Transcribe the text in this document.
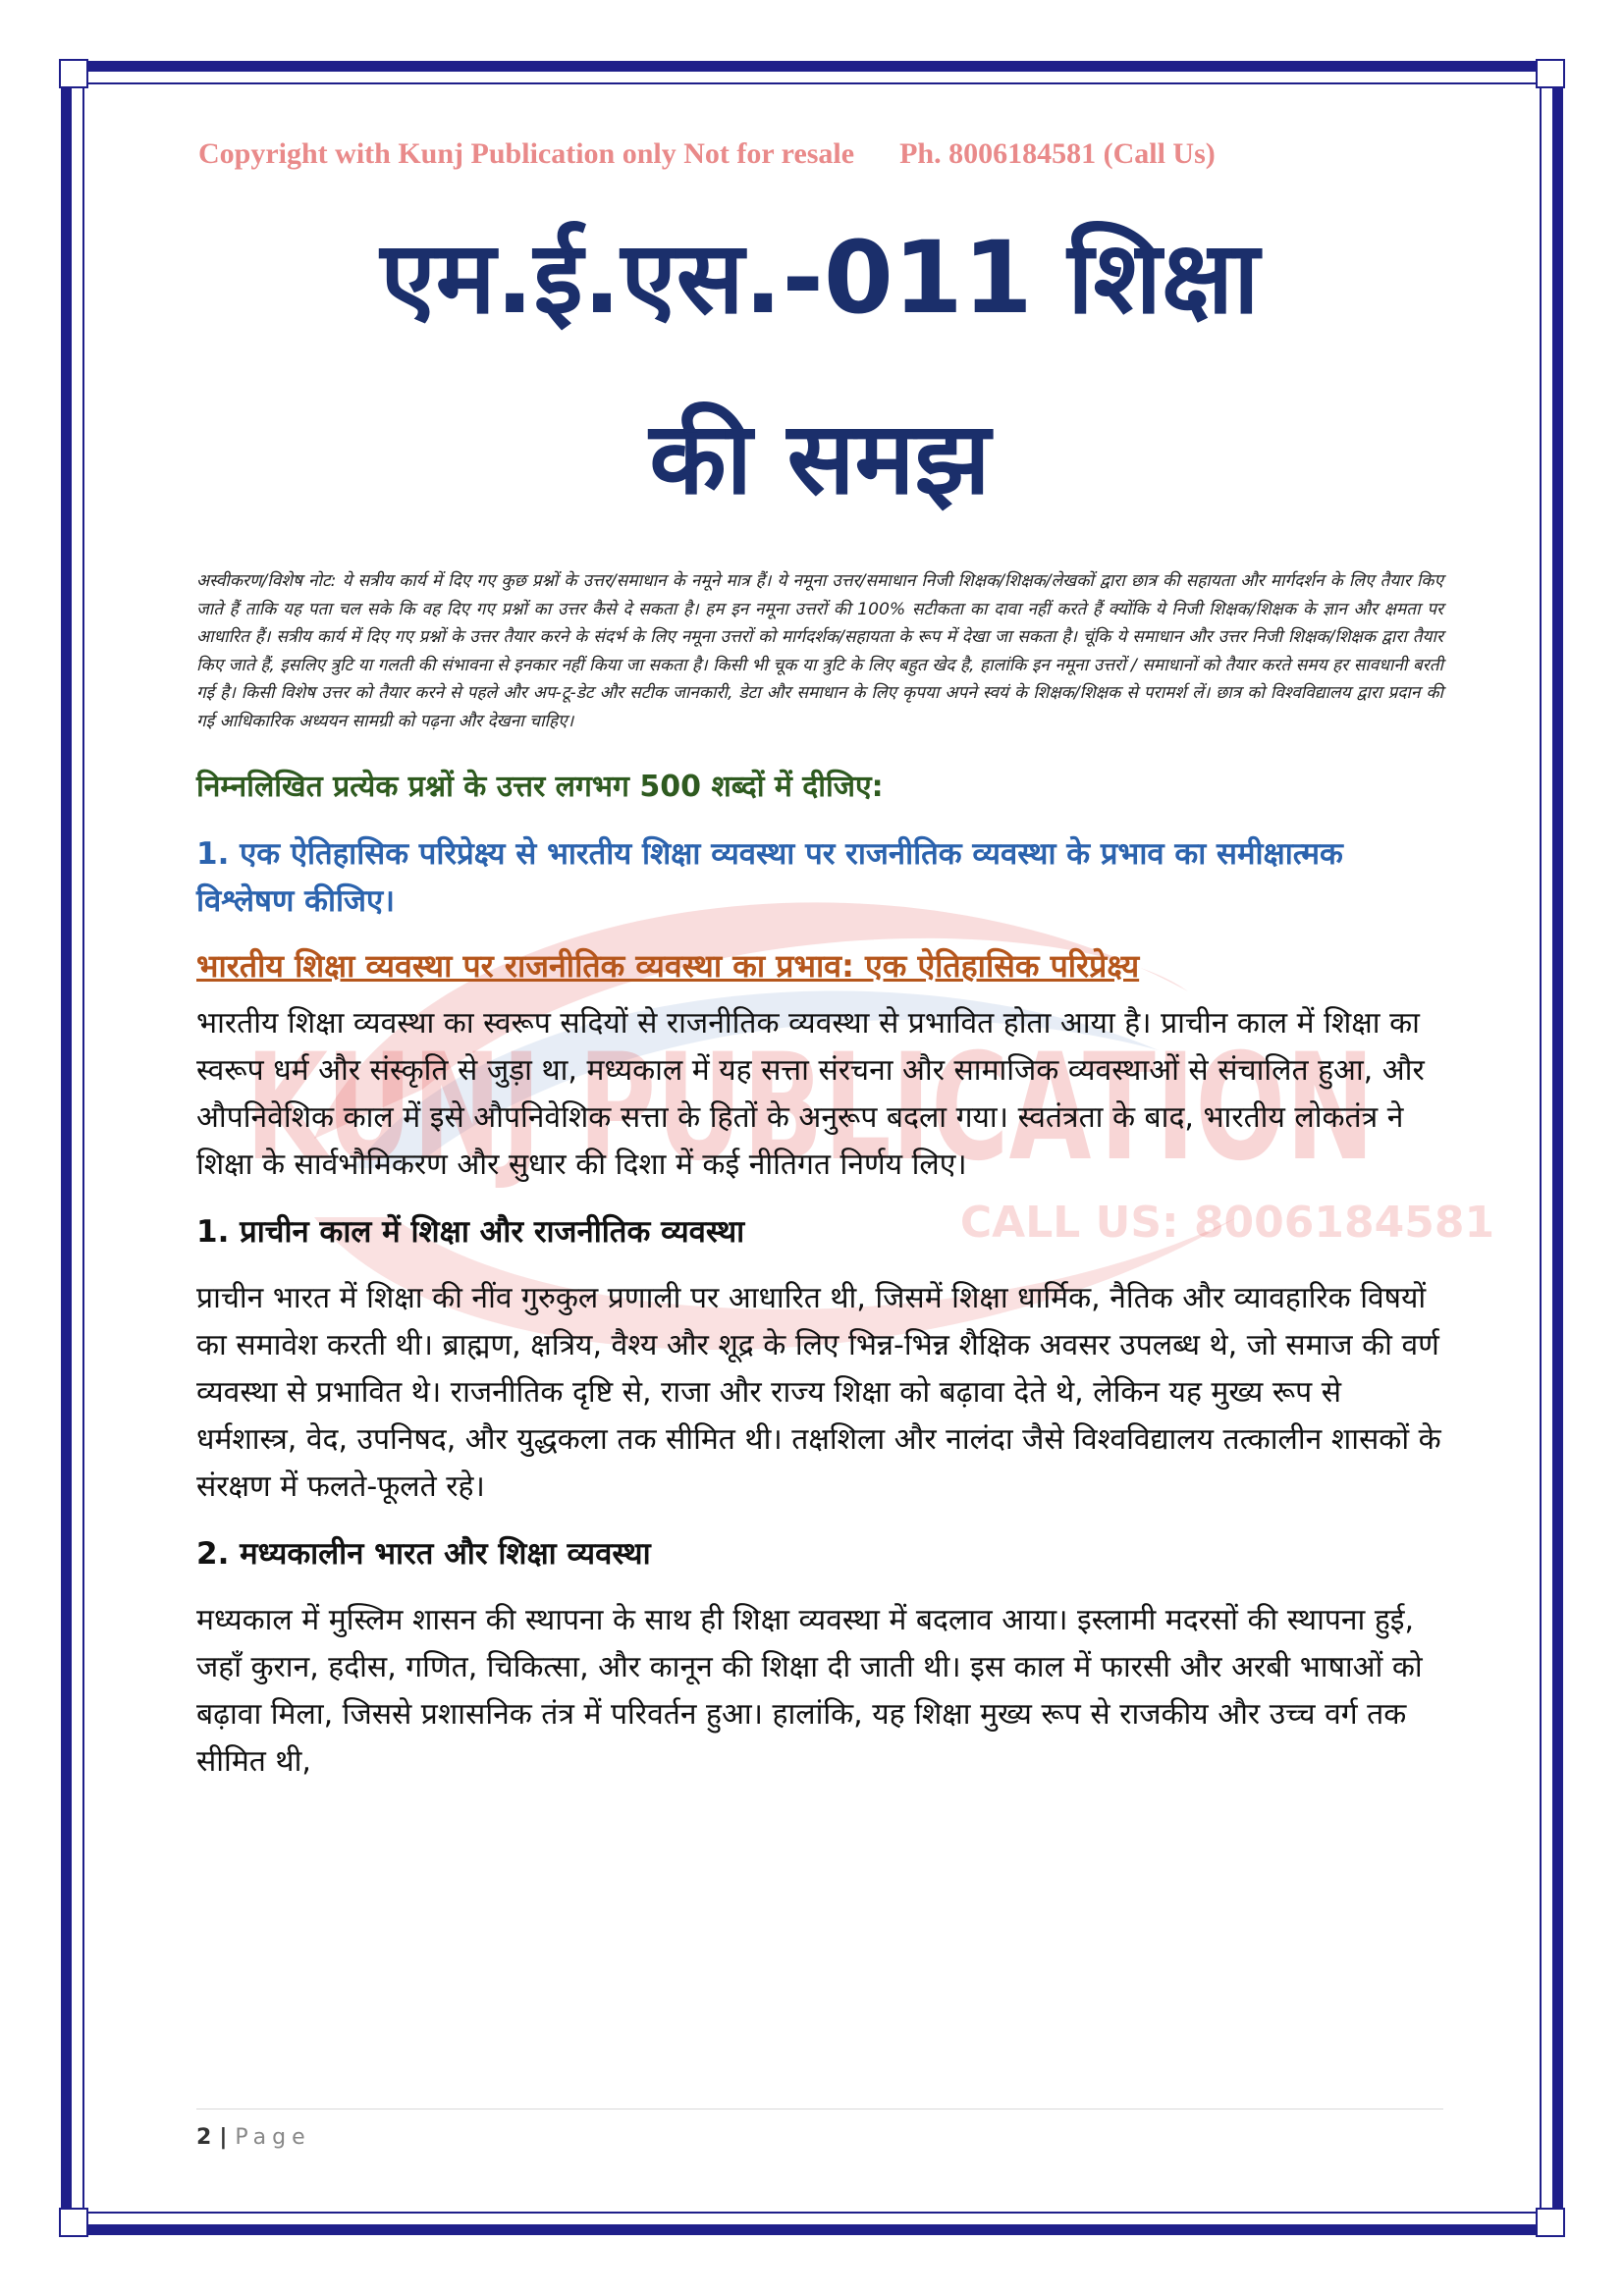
KUNJ PUBLICATION
CALL US: 8006184581
Copyright with Kunj Publication only Not for resale Ph. 8006184581 (Call Us)
एम.ई.एस.-011 शिक्षा
की समझ

अस्वीकरण/विशेष नोट: ये सत्रीय कार्य में दिए गए कुछ प्रश्नों के उत्तर/समाधान के नमूने मात्र हैं। ये नमूना उत्तर/समाधान निजी शिक्षक/शिक्षक/लेखकों द्वारा छात्र की सहायता और मार्गदर्शन के लिए तैयार किए जाते हैं ताकि यह पता चल सके कि वह दिए गए प्रश्नों का उत्तर कैसे दे सकता है। हम इन नमूना उत्तरों की 100% सटीकता का दावा नहीं करते हैं क्योंकि ये निजी शिक्षक/शिक्षक के ज्ञान और क्षमता पर आधारित हैं। सत्रीय कार्य में दिए गए प्रश्नों के उत्तर तैयार करने के संदर्भ के लिए नमूना उत्तरों को मार्गदर्शक/सहायता के रूप में देखा जा सकता है। चूंकि ये समाधान और उत्तर निजी शिक्षक/शिक्षक द्वारा तैयार किए जाते हैं, इसलिए त्रुटि या गलती की संभावना से इनकार नहीं किया जा सकता है। किसी भी चूक या त्रुटि के लिए बहुत खेद है, हालांकि इन नमूना उत्तरों / समाधानों को तैयार करते समय हर सावधानी बरती गई है। किसी विशेष उत्तर को तैयार करने से पहले और अप-टू-डेट और सटीक जानकारी, डेटा और समाधान के लिए कृपया अपने स्वयं के शिक्षक/शिक्षक से परामर्श लें। छात्र को विश्वविद्यालय द्वारा प्रदान की गई आधिकारिक अध्ययन सामग्री को पढ़ना और देखना चाहिए।

निम्नलिखित प्रत्येक प्रश्नों के उत्तर लगभग 500 शब्दों में दीजिए:

1. एक ऐतिहासिक परिप्रेक्ष्य से भारतीय शिक्षा व्यवस्था पर राजनीतिक व्यवस्था के प्रभाव का समीक्षात्मक विश्लेषण कीजिए।

भारतीय शिक्षा व्यवस्था पर राजनीतिक व्यवस्था का प्रभाव: एक ऐतिहासिक परिप्रेक्ष्य

भारतीय शिक्षा व्यवस्था का स्वरूप सदियों से राजनीतिक व्यवस्था से प्रभावित होता आया है। प्राचीन काल में शिक्षा का स्वरूप धर्म और संस्कृति से जुड़ा था, मध्यकाल में यह सत्ता संरचना और सामाजिक व्यवस्थाओं से संचालित हुआ, और औपनिवेशिक काल में इसे औपनिवेशिक सत्ता के हितों के अनुरूप बदला गया। स्वतंत्रता के बाद, भारतीय लोकतंत्र ने शिक्षा के सार्वभौमिकरण और सुधार की दिशा में कई नीतिगत निर्णय लिए।

1. प्राचीन काल में शिक्षा और राजनीतिक व्यवस्था

प्राचीन भारत में शिक्षा की नींव गुरुकुल प्रणाली पर आधारित थी, जिसमें शिक्षा धार्मिक, नैतिक और व्यावहारिक विषयों का समावेश करती थी। ब्राह्मण, क्षत्रिय, वैश्य और शूद्र के लिए भिन्न-भिन्न शैक्षिक अवसर उपलब्ध थे, जो समाज की वर्ण व्यवस्था से प्रभावित थे। राजनीतिक दृष्टि से, राजा और राज्य शिक्षा को बढ़ावा देते थे, लेकिन यह मुख्य रूप से धर्मशास्त्र, वेद, उपनिषद, और युद्धकला तक सीमित थी। तक्षशिला और नालंदा जैसे विश्वविद्यालय तत्कालीन शासकों के संरक्षण में फलते-फूलते रहे।

2. मध्यकालीन भारत और शिक्षा व्यवस्था

मध्यकाल में मुस्लिम शासन की स्थापना के साथ ही शिक्षा व्यवस्था में बदलाव आया। इस्लामी मदरसों की स्थापना हुई, जहाँ कुरान, हदीस, गणित, चिकित्सा, और कानून की शिक्षा दी जाती थी। इस काल में फारसी और अरबी भाषाओं को बढ़ावा मिला, जिससे प्रशासनिक तंत्र में परिवर्तन हुआ। हालांकि, यह शिक्षा मुख्य रूप से राजकीय और उच्च वर्ग तक सीमित थी,

2 | Page
